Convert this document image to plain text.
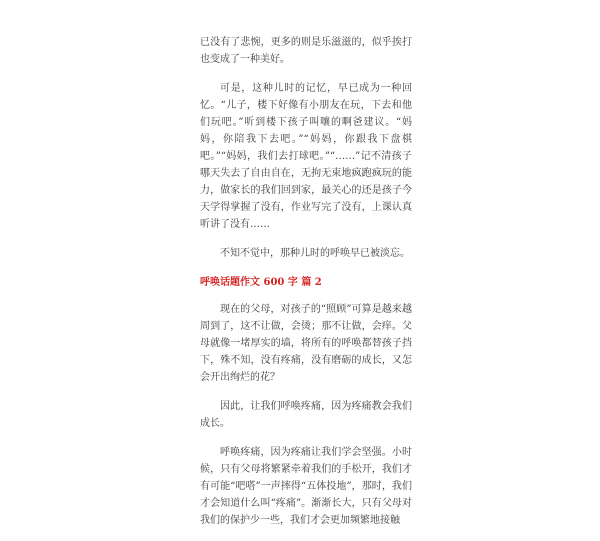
已没有了悲惋，更多的则是乐滋滋的，似乎挨打也变成了一种美好。

可是，这种儿时的记忆，早已成为一种回忆。“儿子，楼下好像有小朋友在玩，下去和他们玩吧。”听到楼下孩子叫嚷的啊爸建议。“妈妈，你陪我下去吧。”“妈妈，你跟我下盘棋吧。”“妈妈，我们去打球吧。”“……”记不清孩子哪天失去了自由自在，无拘无束地疯跑疯玩的能力，做家长的我们回到家，最关心的还是孩子今天学得掌握了没有，作业写完了没有，上课认真听讲了没有……

不知不觉中，那种儿时的呼唤早已被淡忘。

呼唤话题作文 600 字 篇 2

现在的父母，对孩子的“照顾”可算是越来越周到了，这不让做，会烫；那不让做，会痒。父母就像一堵厚实的墙，将所有的呼唤都替孩子挡下，殊不知，没有疼痛，没有磨砺的成长，又怎会开出绚烂的花？

因此，让我们呼唤疼痛，因为疼痛教会我们成长。

呼唤疼痛，因为疼痛让我们学会坚强。小时候，只有父母将繁紧牵着我们的手松开，我们才有可能“吧嗒”一声摔得“五体投地”，那时，我们才会知道什么叫“疼痛”。渐渐长大，只有父母对我们的保护少一些，我们才会更加频繁地接触
